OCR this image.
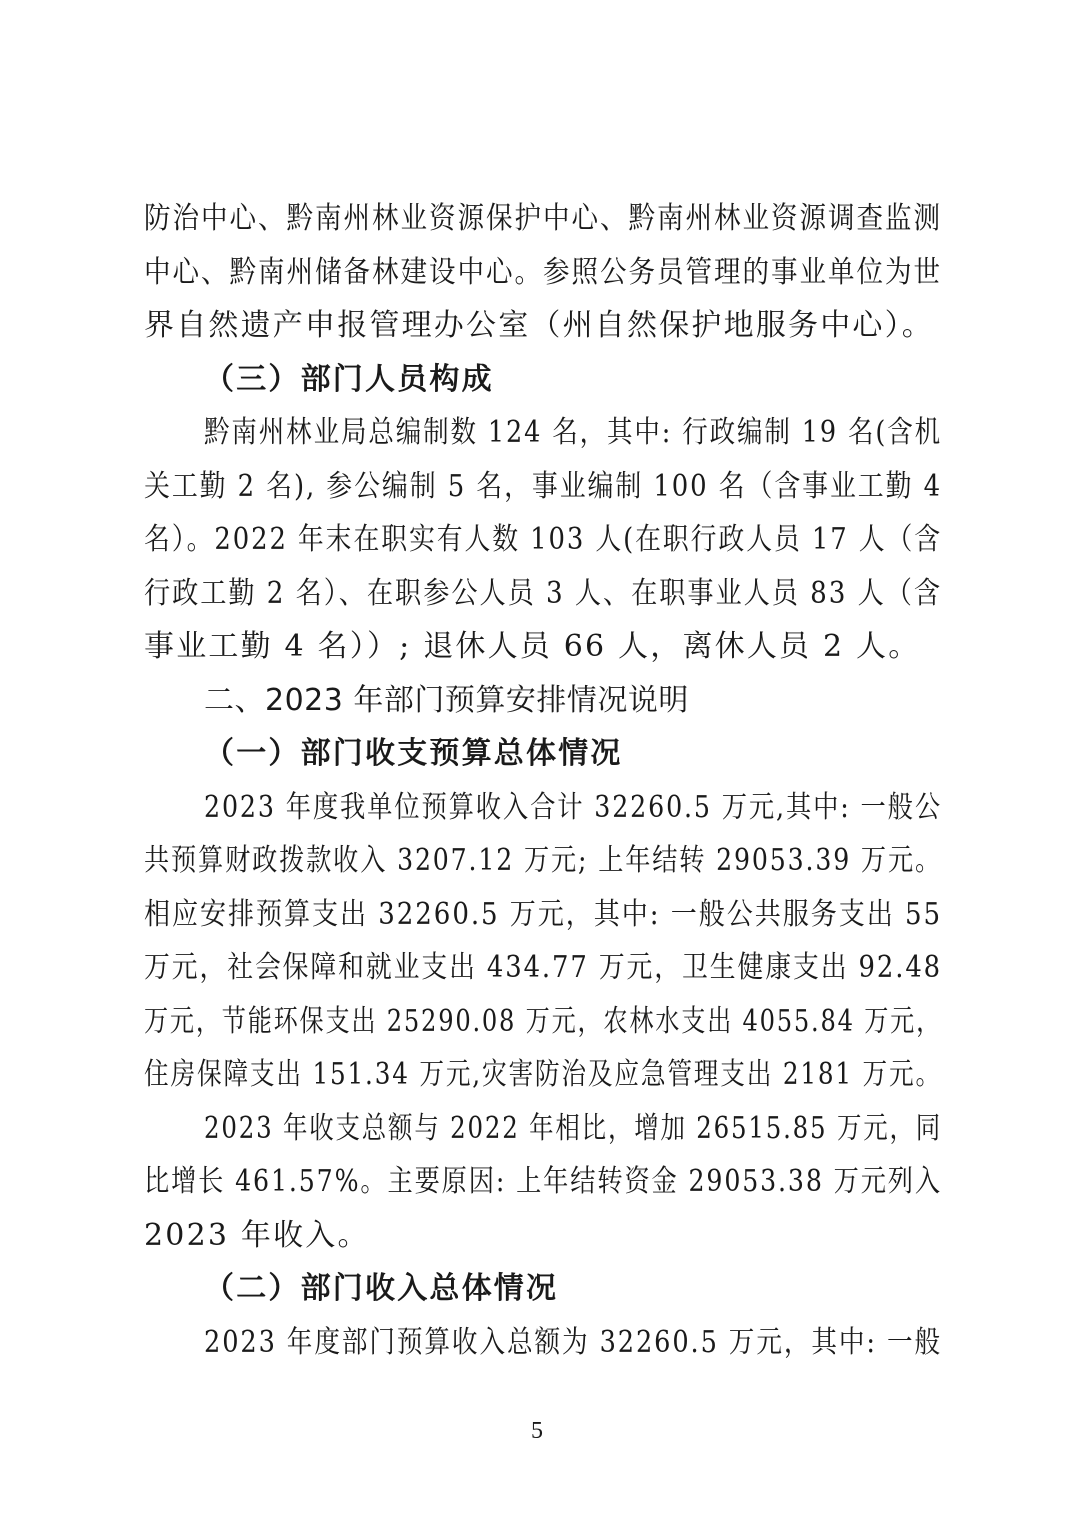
防治中心、黔南州林业资源保护中心、黔南州林业资源调查监测
中心、黔南州储备林建设中心。参照公务员管理的事业单位为世
界自然遗产申报管理办公室（州自然保护地服务中心）。
（三）部门人员构成
黔南州林业局总编制数 124 名，其中: 行政编制 19 名(含机
关工勤 2 名), 参公编制 5 名，事业编制 100 名（含事业工勤 4
名）。2022 年末在职实有人数 103 人(在职行政人员 17 人（含
行政工勤 2 名）、在职参公人员 3 人、在职事业人员 83 人（含
事业工勤 4 名））; 退休人员 66 人，离休人员 2 人。
二、2023 年部门预算安排情况说明
（一）部门收支预算总体情况
2023 年度我单位预算收入合计 32260.5 万元,其中: 一般公
共预算财政拨款收入 3207.12 万元; 上年结转 29053.39 万元。
相应安排预算支出 32260.5 万元，其中: 一般公共服务支出 55
万元，社会保障和就业支出 434.77 万元，卫生健康支出 92.48
万元，节能环保支出 25290.08 万元，农林水支出 4055.84 万元，
住房保障支出 151.34 万元,灾害防治及应急管理支出 2181 万元。
2023 年收支总额与 2022 年相比，增加 26515.85 万元，同
比增长 461.57%。主要原因: 上年结转资金 29053.38 万元列入
2023 年收入。
（二）部门收入总体情况
2023 年度部门预算收入总额为 32260.5 万元，其中: 一般
5
